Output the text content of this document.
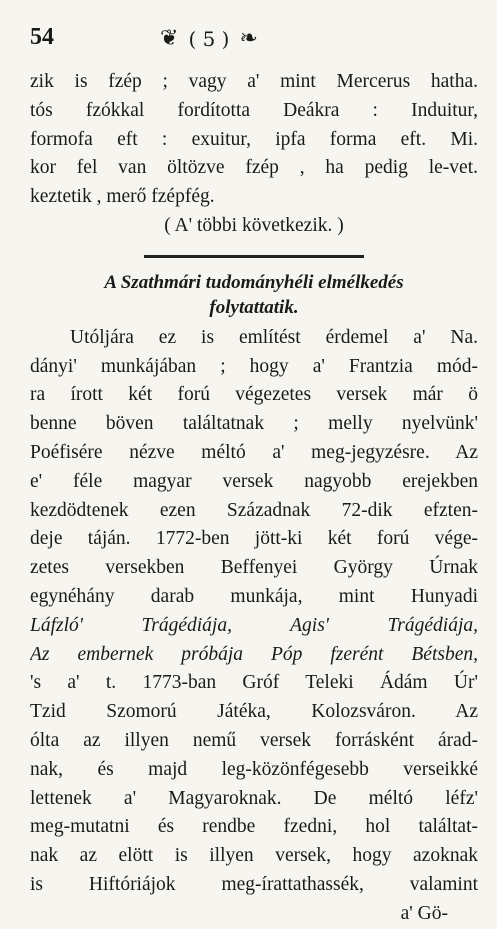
54	❦ ( 5 ) ❧
zik is fzép ; vagy a' mint Mercerus hatha.
tós fzókkal fordította Deákra : Induitur,
formofa eft : exuitur, ipfa forma eft. Mi.
kor fel van öltözve fzép , ha pedig le-vet.
keztetik , merő fzépfég.
( A' többi következik. )
A Szathmári tudományhéli elmélkedés
folytattatik.
Utóljára ez is említést érdemel a' Na.
dányi' munkájában ; hogy a' Frantzia mód-
ra írott két forú végezetes versek már ö
benne böven találtatnak ; melly nyelvünk'
Poéfisére nézve méltó a' meg-jegyzésre. Az
e' féle magyar versek nagyobb erejekben
kezdödtenek ezen Századnak 72-dik efzten-
deje táján. 1772-ben jött-ki két forú vége-
zetes versekben Beffenyei György Úrnak
egynéhány darab munkája, mint Hunyadi
Láfzló' Trágédiája, Agis' Trágédiája,
Az embernek próbája Póp fzerént Bétsben,
's a' t. 1773-ban Gróf Teleki Ádám Úr'
Tzid Szomorú Játéka, Kolozsváron. Az
ólta az illyen nemű versek forrásként árad-
nak, és majd leg-közönfégesebb verseikké
lettenek a' Magyaroknak. De méltó léfz'
meg-mutatni és rendbe fzedni, hol találtat-
nak az elött is illyen versek, hogy azoknak
is Hiftóriájok meg-írattathassék, valamint
a' Gö-
